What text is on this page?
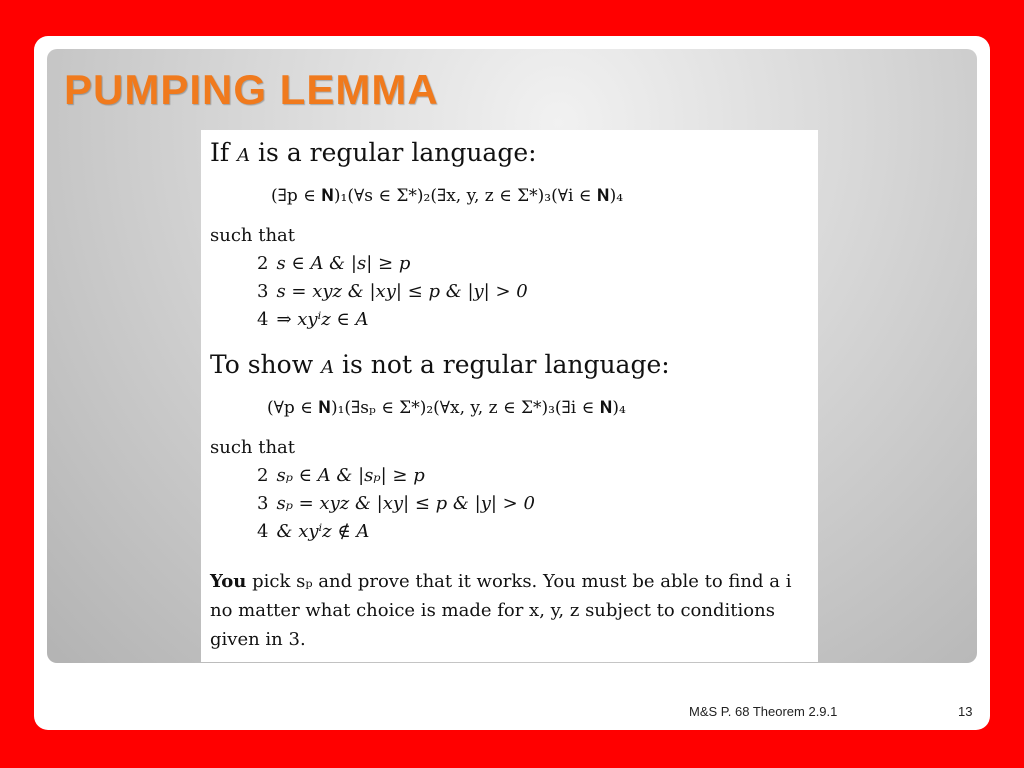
PUMPING LEMMA
If A is a regular language:
(∃p ∈ 𝐍)₁(∀s ∈ Σ*)₂(∃x, y, z ∈ Σ*)₃(∀i ∈ 𝐍)₄
such that
2 s ∈ A & |s| ≥ p
3 s = xyz & |xy| ≤ p & |y| > 0
4 ⇒ xyⁱz ∈ A
To show A is not a regular language:
(∀p ∈ 𝐍)₁(∃sₚ ∈ Σ*)₂(∀x, y, z ∈ Σ*)₃(∃i ∈ 𝐍)₄
such that
2 sₚ ∈ A & |sₚ| ≥ p
3 sₚ = xyz & |xy| ≤ p & |y| > 0
4 & xyⁱz ∉ A
You pick sₚ and prove that it works. You must be able to find a i no matter what choice is made for x, y, z subject to conditions given in 3.
M&S P. 68 Theorem 2.9.1	13
